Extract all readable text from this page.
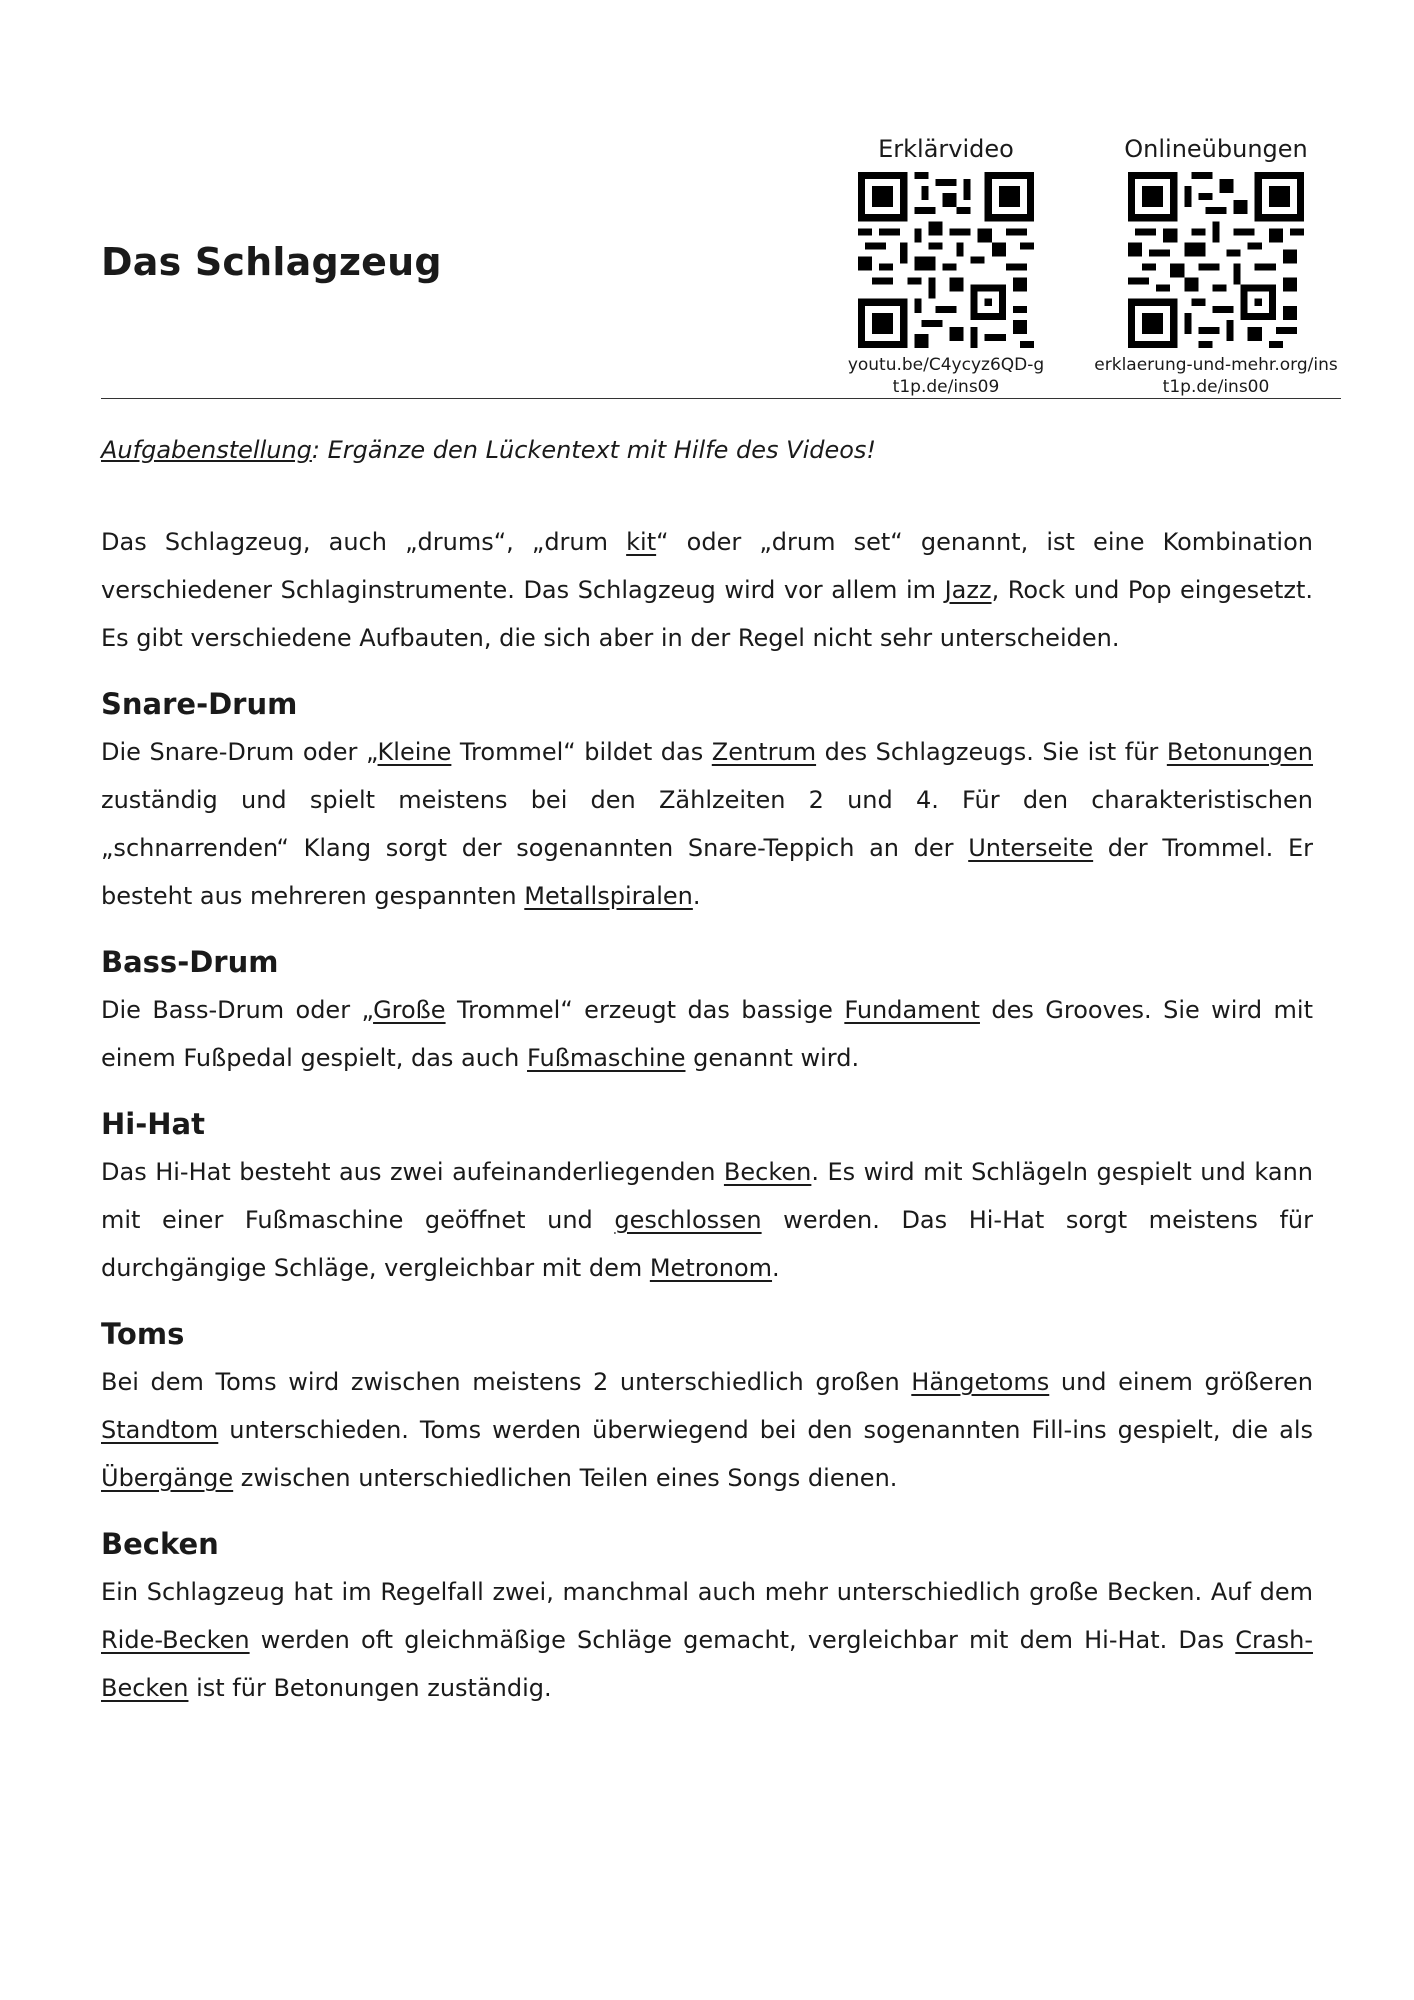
Das Schlagzeug
Erklärvideo
youtu.be/C4ycyz6QD-g
t1p.de/ins09
Onlineübungen
erklaerung-und-mehr.org/ins
t1p.de/ins00
Aufgabenstellung: Ergänze den Lückentext mit Hilfe des Videos!

Das Schlagzeug, auch „drums“, „drum kit“ oder „drum set“ genannt, ist eine Kombination verschiedener Schlaginstrumente. Das Schlagzeug wird vor allem im Jazz, Rock und Pop eingesetzt. Es gibt verschiedene Aufbauten, die sich aber in der Regel nicht sehr unterscheiden.

Snare-Drum

Die Snare-Drum oder „Kleine Trommel“ bildet das Zentrum des Schlagzeugs. Sie ist für Betonungen zuständig und spielt meistens bei den Zählzeiten 2 und 4. Für den charakteristischen „schnarrenden“ Klang sorgt der sogenannten Snare-Teppich an der Unterseite der Trommel. Er besteht aus mehreren gespannten Metallspiralen.

Bass-Drum

Die Bass-Drum oder „Große Trommel“ erzeugt das bassige Fundament des Grooves. Sie wird mit einem Fußpedal gespielt, das auch Fußmaschine genannt wird.

Hi-Hat

Das Hi-Hat besteht aus zwei aufeinanderliegenden Becken. Es wird mit Schlägeln gespielt und kann mit einer Fußmaschine geöffnet und geschlossen werden. Das Hi-Hat sorgt meistens für durchgängige Schläge, vergleichbar mit dem Metronom.

Toms

Bei dem Toms wird zwischen meistens 2 unterschiedlich großen Hängetoms und einem größeren Standtom unterschieden. Toms werden überwiegend bei den sogenannten Fill-ins gespielt, die als Übergänge zwischen unterschiedlichen Teilen eines Songs dienen.

Becken

Ein Schlagzeug hat im Regelfall zwei, manchmal auch mehr unterschiedlich große Becken. Auf dem Ride-Becken werden oft gleichmäßige Schläge gemacht, vergleichbar mit dem Hi-Hat. Das Crash-Becken ist für Betonungen zuständig.
